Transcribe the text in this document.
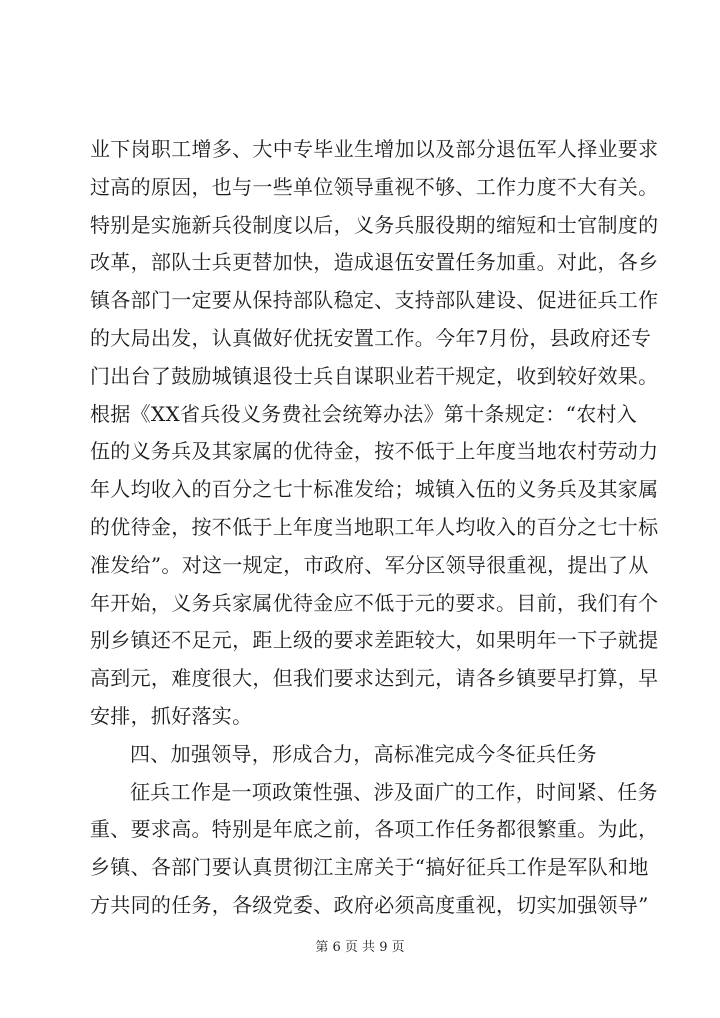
业下岗职工增多、大中专毕业生增加以及部分退伍军人择业要求
过高的原因，也与一些单位领导重视不够、工作力度不大有关。
特别是实施新兵役制度以后，义务兵服役期的缩短和士官制度的
改革，部队士兵更替加快，造成退伍安置任务加重。对此，各乡
镇各部门一定要从保持部队稳定、支持部队建设、促进征兵工作
的大局出发，认真做好优抚安置工作。今年7月份，县政府还专
门出台了鼓励城镇退役士兵自谋职业若干规定，收到较好效果。
根据《XX省兵役义务费社会统筹办法》第十条规定：“农村入
伍的义务兵及其家属的优待金，按不低于上年度当地农村劳动力
年人均收入的百分之七十标准发给；城镇入伍的义务兵及其家属
的优待金，按不低于上年度当地职工年人均收入的百分之七十标
准发给”。对这一规定，市政府、军分区领导很重视，提出了从
年开始，义务兵家属优待金应不低于元的要求。目前，我们有个
别乡镇还不足元，距上级的要求差距较大，如果明年一下子就提
高到元，难度很大，但我们要求达到元，请各乡镇要早打算，早
安排，抓好落实。
四、加强领导，形成合力，高标准完成今冬征兵任务
征兵工作是一项政策性强、涉及面广的工作，时间紧、任务
重、要求高。特别是年底之前，各项工作任务都很繁重。为此，
乡镇、各部门要认真贯彻江主席关于“搞好征兵工作是军队和地
方共同的任务，各级党委、政府必须高度重视，切实加强领导”
第 6 页 共 9 页
